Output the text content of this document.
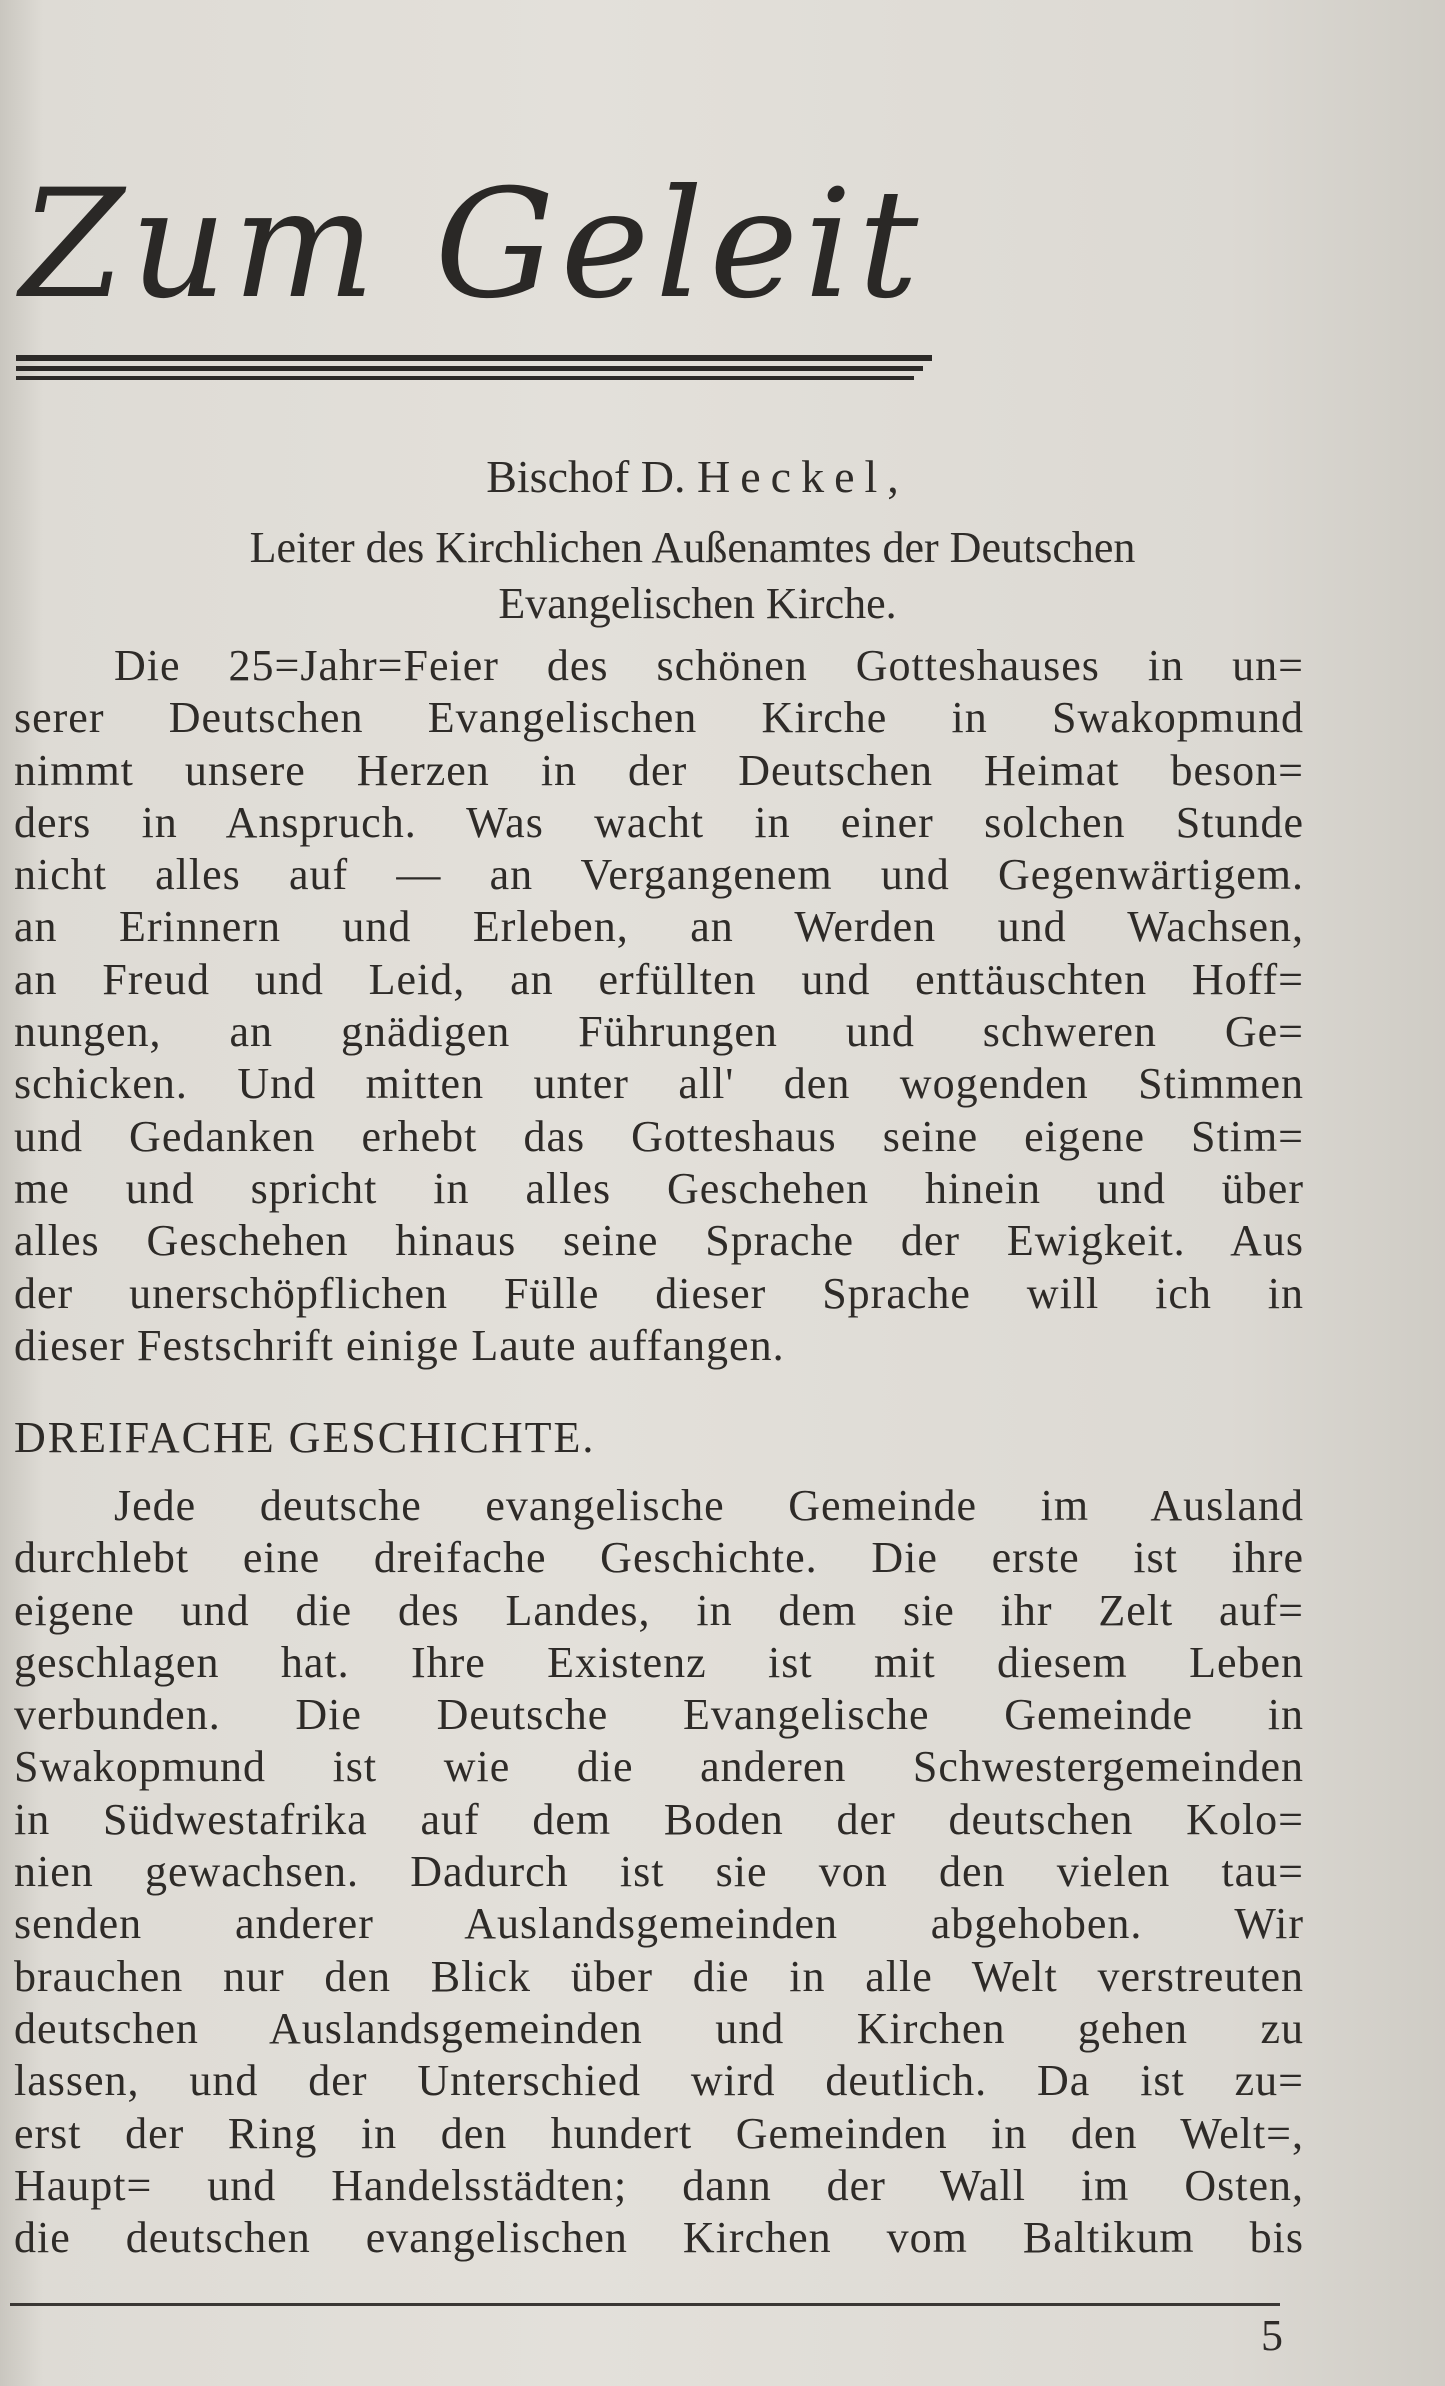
Zum Geleit
Bischof D. Heckel,
Leiter des Kirchlichen Außenamtes der Deutschen
Evangelischen Kirche.
Die 25=Jahr=Feier des schönen Gotteshauses in un=
serer Deutschen Evangelischen Kirche in Swakopmund
nimmt unsere Herzen in der Deutschen Heimat beson=
ders in Anspruch. Was wacht in einer solchen Stunde
nicht alles auf — an Vergangenem und Gegenwärtigem.
an Erinnern und Erleben, an Werden und Wachsen,
an Freud und Leid, an erfüllten und enttäuschten Hoff=
nungen, an gnädigen Führungen und schweren Ge=
schicken. Und mitten unter all' den wogenden Stimmen
und Gedanken erhebt das Gotteshaus seine eigene Stim=
me und spricht in alles Geschehen hinein und über
alles Geschehen hinaus seine Sprache der Ewigkeit. Aus
der unerschöpflichen Fülle dieser Sprache will ich in
dieser Festschrift einige Laute auffangen.
DREIFACHE GESCHICHTE.
Jede deutsche evangelische Gemeinde im Ausland
durchlebt eine dreifache Geschichte. Die erste ist ihre
eigene und die des Landes, in dem sie ihr Zelt auf=
geschlagen hat. Ihre Existenz ist mit diesem Leben
verbunden. Die Deutsche Evangelische Gemeinde in
Swakopmund ist wie die anderen Schwestergemeinden
in Südwestafrika auf dem Boden der deutschen Kolo=
nien gewachsen. Dadurch ist sie von den vielen tau=
senden anderer Auslandsgemeinden abgehoben. Wir
brauchen nur den Blick über die in alle Welt verstreuten
deutschen Auslandsgemeinden und Kirchen gehen zu
lassen, und der Unterschied wird deutlich. Da ist zu=
erst der Ring in den hundert Gemeinden in den Welt=,
Haupt= und Handelsstädten; dann der Wall im Osten,
die deutschen evangelischen Kirchen vom Baltikum bis
5
